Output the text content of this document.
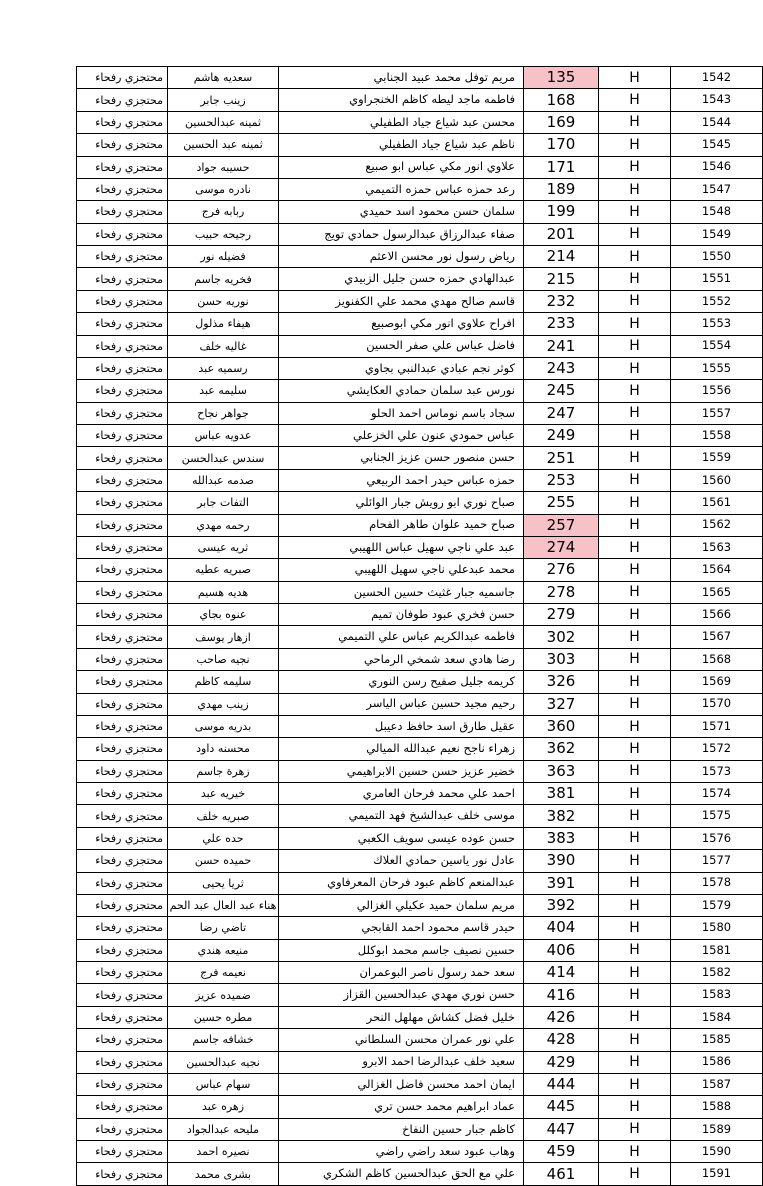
محتجزي رفحاء	سعديه هاشم	مريم توفل محمد عبيد الجنابي	135	H	1542
محتجزي رفحاء	زينب جابر	فاطمه ماجد ليطه كاظم الخنجراوي	168	H	1543
محتجزي رفحاء	ثمينه عبدالحسين	محسن عبد شياع جياد الطفيلي	169	H	1544
محتجزي رفحاء	ثمينه عبد الحسين	ناظم عبد شياع جياد الطفيلي	170	H	1545
محتجزي رفحاء	حسيبه جواد	علاوي انور مكي عباس ابو صبيع	171	H	1546
محتجزي رفحاء	نادره موسى	رعد حمزه عباس حمزه التميمي	189	H	1547
محتجزي رفحاء	ربابه فرج	سلمان حسن محمود اسد حميدي	199	H	1548
محتجزي رفحاء	رجيحه حبيب	صفاء عبدالرزاق عبدالرسول حمادي تويج	201	H	1549
محتجزي رفحاء	فضيله نور	رياض رسول نور محسن الاعثم	214	H	1550
محتجزي رفحاء	فخريه جاسم	عبدالهادي حمزه حسن جليل الزبيدي	215	H	1551
محتجزي رفحاء	نوريه حسن	قاسم صالح مهدي محمد علي الكفنويز	232	H	1552
محتجزي رفحاء	هيفاء مذلول	افراح علاوي انور مكي ابوصبيع	233	H	1553
محتجزي رفحاء	غاليه خلف	فاضل عباس علي صفر الحسين	241	H	1554
محتجزي رفحاء	رسميه عبد	كوثر نجم عبادي عبدالنبي بجاوي	243	H	1555
محتجزي رفحاء	سليمه عبد	نورس عبد سلمان حمادي العكايشي	245	H	1556
محتجزي رفحاء	جواهر نجاح	سجاد باسم نوماس احمد الحلو	247	H	1557
محتجزي رفحاء	عدويه عباس	عباس حمودي عنون علي الخزعلي	249	H	1558
محتجزي رفحاء	سندس عبدالحسن	حسن منصور حسن عزيز الجنابي	251	H	1559
محتجزي رفحاء	صدمه عبدالله	حمزه عباس حيدر احمد الربيعي	253	H	1560
محتجزي رفحاء	التفات جابر	صباح نوري ابو رويش جبار الوائلي	255	H	1561
محتجزي رفحاء	رحمه مهدي	صباح حميد علوان طاهر الفحام	257	H	1562
محتجزي رفحاء	ثريه عيسى	عبد علي ناجي سهيل عباس اللهيبي	274	H	1563
محتجزي رفحاء	صبريه عطيه	محمد عبدعلي ناجي سهيل اللهيبي	276	H	1564
محتجزي رفحاء	هديه هسيم	جاسميه جبار غثيث حسين الحسين	278	H	1565
محتجزي رفحاء	عنوه بجاي	حسن فخري عبود طوفان تميم	279	H	1566
محتجزي رفحاء	ازهار يوسف	فاطمه عبدالكريم عباس علي التميمي	302	H	1567
محتجزي رفحاء	نجيه صاحب	رضا هادي سعد شمخي الرماحي	303	H	1568
محتجزي رفحاء	سليمه كاظم	كريمه جليل صفيح رسن النوري	326	H	1569
محتجزي رفحاء	زينب مهدي	رحيم مجيد حسين عباس الياسر	327	H	1570
محتجزي رفحاء	بدريه موسى	عقيل طارق اسد حافظ دعيبل	360	H	1571
محتجزي رفحاء	محسنه داود	زهراء ناجح نعيم عبدالله الميالي	362	H	1572
محتجزي رفحاء	زهرة جاسم	خضير عزيز حسن حسين الابراهيمي	363	H	1573
محتجزي رفحاء	خيريه عبد	احمد علي محمد فرحان العامري	381	H	1574
محتجزي رفحاء	صبريه خلف	موسى خلف عبدالشيخ فهد التميمي	382	H	1575
محتجزي رفحاء	حده علي	حسن عوده عيسى سويف الكعبي	383	H	1576
محتجزي رفحاء	حميده حسن	عادل نور ياسين حمادي العلاك	390	H	1577
محتجزي رفحاء	ثريا يحيى	عبدالمنعم كاظم عبود فرحان المعرفاوي	391	H	1578
محتجزي رفحاء	هناء عبد العال عبد الحم	مريم سلمان حميد عكيلي الغزالي	392	H	1579
محتجزي رفحاء	تاضي رضا	حيدر قاسم محمود احمد القابجي	404	H	1580
محتجزي رفحاء	منيعه هندي	حسين نصيف جاسم محمد ابوكلل	406	H	1581
محتجزي رفحاء	نعيمه فرج	سعد حمد رسول ناصر البوعمران	414	H	1582
محتجزي رفحاء	ضميده عزيز	حسن نوري مهدي عبدالحسين القزاز	416	H	1583
محتجزي رفحاء	مطره حسين	خليل فضل كشاش مهلهل النحر	426	H	1584
محتجزي رفحاء	خشافه جاسم	علي نور عمران محسن السلطاني	428	H	1585
محتجزي رفحاء	نجيه عبدالحسين	سعيد خلف عبدالرضا احمد الابرو	429	H	1586
محتجزي رفحاء	سهام عباس	ايمان احمد محسن فاضل الغزالي	444	H	1587
محتجزي رفحاء	زهره عبد	عماد ابراهيم محمد حسن تري	445	H	1588
محتجزي رفحاء	مليحه عبدالجواد	كاظم جبار حسين النفاخ	447	H	1589
محتجزي رفحاء	نصيره احمد	وهاب عبود سعد راضي راضي	459	H	1590
محتجزي رفحاء	بشرى محمد	علي مع الحق عبدالحسين كاظم الشكري	461	H	1591
